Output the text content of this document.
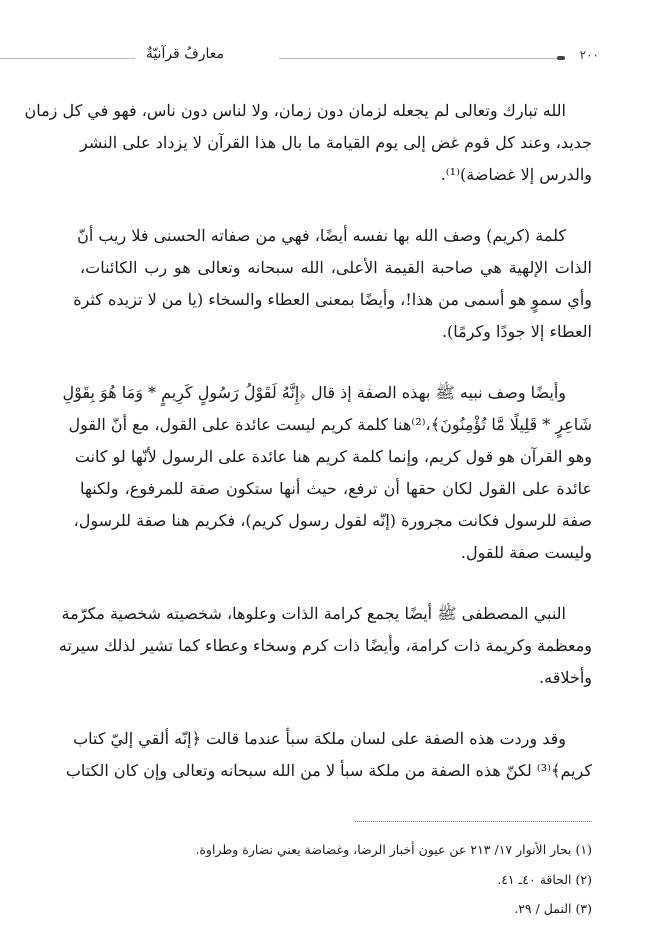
٢٠٠
معارفُ قرآنيّةٌ
الله تبارك وتعالى لم يجعله لزمان دون زمان، ولا لناس دون ناس، فهو في كل زمان
جديد، وعند كل قوم غض إلى يوم القيامة ما بال هذا القرآن لا يزداد على النشر
والدرس إلا غضاضة)⁽¹⁾.
كلمة (كريم) وصف الله بها نفسه أيضًا، فهي من صفاته الحسنى فلا ريب أنّ
الذات الإلهية هي صاحبة القيمة الأعلى، الله سبحانه وتعالى هو رب الكائنات،
وأي سموٍ هو أسمى من هذا!، وأيضًا بمعنى العطاء والسخاء (يا من لا تزيده كثرة
العطاء إلا جودًا وكرمًا).
وأيضًا وصف نبيه ﷺ بهذه الصفة إذ قال ﴿إِنَّهُ لَقَوْلُ رَسُولٍ كَرِيمٍ * وَمَا هُوَ بِقَوْلِ
شَاعِرٍ * قَلِيلًا مَّا تُؤْمِنُونَ﴾،⁽²⁾هنا كلمة كريم ليست عائدة على القول، مع أنّ القول
وهو القرآن هو قول كريم، وإنما كلمة كريم هنا عائدة على الرسول لأنّها لو كانت
عائدة على القول لكان حقها أن ترفع، حيث أنها ستكون صفة للمرفوع، ولكنها
صفة للرسول فكانت مجرورة (إنّه لقول رسول كريم)، فكريم هنا صفة للرسول،
وليست صفة للقول.
النبي المصطفى ﷺ أيضًا يجمع كرامة الذات وعلوها، شخصيته شخصية مكرّمة
ومعظمة وكريمة ذات كرامة، وأيضًا ذات كرم وسخاء وعطاء كما تشير لذلك سيرته
وأخلاقه.
وقد وردت هذه الصفة على لسان ملكة سبأ عندما قالت ﴿إنّه ألقي إليّ كتاب
كريم﴾⁽³⁾ لكنّ هذه الصفة من ملكة سبأ لا من الله سبحانه وتعالى وإن كان الكتاب
(١) بحار الأنوار ١٧/ ٢١٣ عن عيون أخبار الرضا، وغضاضة يعني نضارة وطراوة.
(٢) الحاقة ٤٠ـ ٤١.
(٣) النمل / ٢٩.
